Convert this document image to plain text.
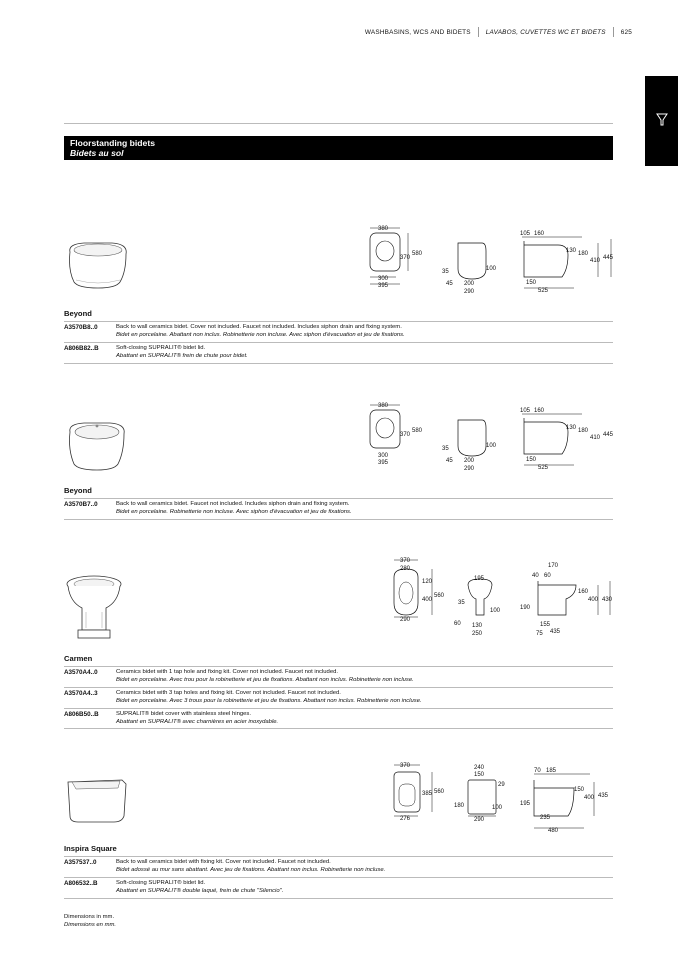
WASHBASINS, WCS AND BIDETS LAVABOS, CUVETTES WC ET BIDETS 625
Floorstanding bidets
Bidets au sol
380
370
580
300
395
35	100
45 200
290
105 160
130 180
410 445
150
525
Beyond
A3570B8..0	Back to wall ceramics bidet. Cover not included. Faucet not included. Includes siphon drain and fixing system.
Bidet en porcelaine. Abattant non inclus. Robinetterie non incluse. Avec siphon d'évacuation et jeu de fixations.
A806B82..B	Soft-closing SUPRALIT® bidet lid.
Abattant en SUPRALIT® frein de chute pour bidet.
380
370
580
300
395
35	100
45 200
290
105 160
130 180
410 445
150
525
Beyond
A3570B7..0	Back to wall ceramics bidet. Faucet not included. Includes siphon drain and fixing system.
Bidet en porcelaine. Robinetterie non incluse. Avec siphon d'évacuation et jeu de fixations.
370
280
120
400
560
290
195
35
100
60 130
250
170
40 60
160
400 430
190
155
75 435
Carmen
A3570A4..0	Ceramics bidet with 1 tap hole and fixing kit. Cover not included. Faucet not included.
Bidet en porcelaine. Avec trou pour la robinetterie et jeu de fixations. Abattant non inclus. Robinetterie non incluse.
A3570A4..3	Ceramics bidet with 3 tap holes and fixing kit. Cover not included. Faucet not included.
Bidet en porcelaine. Avec 3 trous pour la robinetterie et jeu de fixations. Abattant non inclus. Robinetterie non incluse.
A806B50..B	SUPRALIT® bidet cover with stainless steel hinges.
Abattant en SUPRALIT® avec charnières en acier inoxydable.
370
385 560
276
240
150
29
180	100
290
70 185
150
400 435
195
235
480
Inspira Square
A357537..0	Back to wall ceramics bidet with fixing kit. Cover not included. Faucet not included.
Bidet adossé au mur sans abattant. Avec jeu de fixations. Abattant non inclus. Robinetterie non incluse.
A806532..B	Soft-closing SUPRALIT® bidet lid.
Abattant en SUPRALIT® double laqué, frein de chute "Silencio".
Dimensions in mm.
Dimensions en mm.
